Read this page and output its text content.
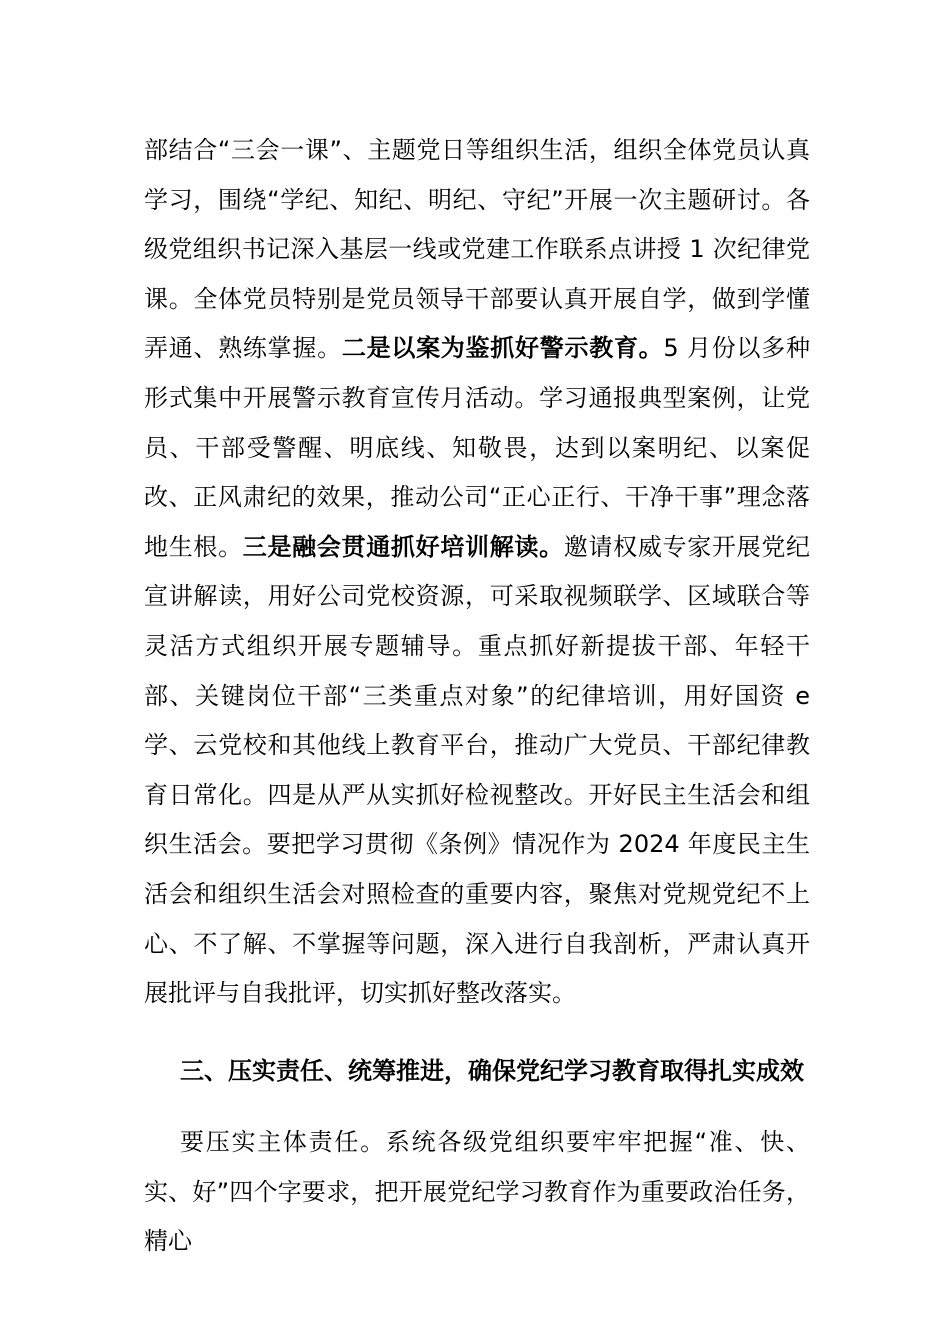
部结合“三会一课”、主题党日等组织生活，组织全体党员认真学习，围绕“学纪、知纪、明纪、守纪”开展一次主题研讨。各级党组织书记深入基层一线或党建工作联系点讲授 1 次纪律党课。全体党员特别是党员领导干部要认真开展自学，做到学懂弄通、熟练掌握。二是以案为鉴抓好警示教育。5 月份以多种形式集中开展警示教育宣传月活动。学习通报典型案例，让党员、干部受警醒、明底线、知敬畏，达到以案明纪、以案促改、正风肃纪的效果，推动公司“正心正行、干净干事”理念落地生根。三是融会贯通抓好培训解读。邀请权威专家开展党纪宣讲解读，用好公司党校资源，可采取视频联学、区域联合等灵活方式组织开展专题辅导。重点抓好新提拔干部、年轻干部、关键岗位干部“三类重点对象”的纪律培训，用好国资 e 学、云党校和其他线上教育平台，推动广大党员、干部纪律教育日常化。四是从严从实抓好检视整改。开好民主生活会和组织生活会。要把学习贯彻《条例》情况作为 2024 年度民主生活会和组织生活会对照检查的重要内容，聚焦对党规党纪不上心、不了解、不掌握等问题，深入进行自我剖析，严肃认真开展批评与自我批评，切实抓好整改落实。

三、压实责任、统筹推进，确保党纪学习教育取得扎实成效

要压实主体责任。系统各级党组织要牢牢把握“准、快、实、好”四个字要求，把开展党纪学习教育作为重要政治任务，精心
